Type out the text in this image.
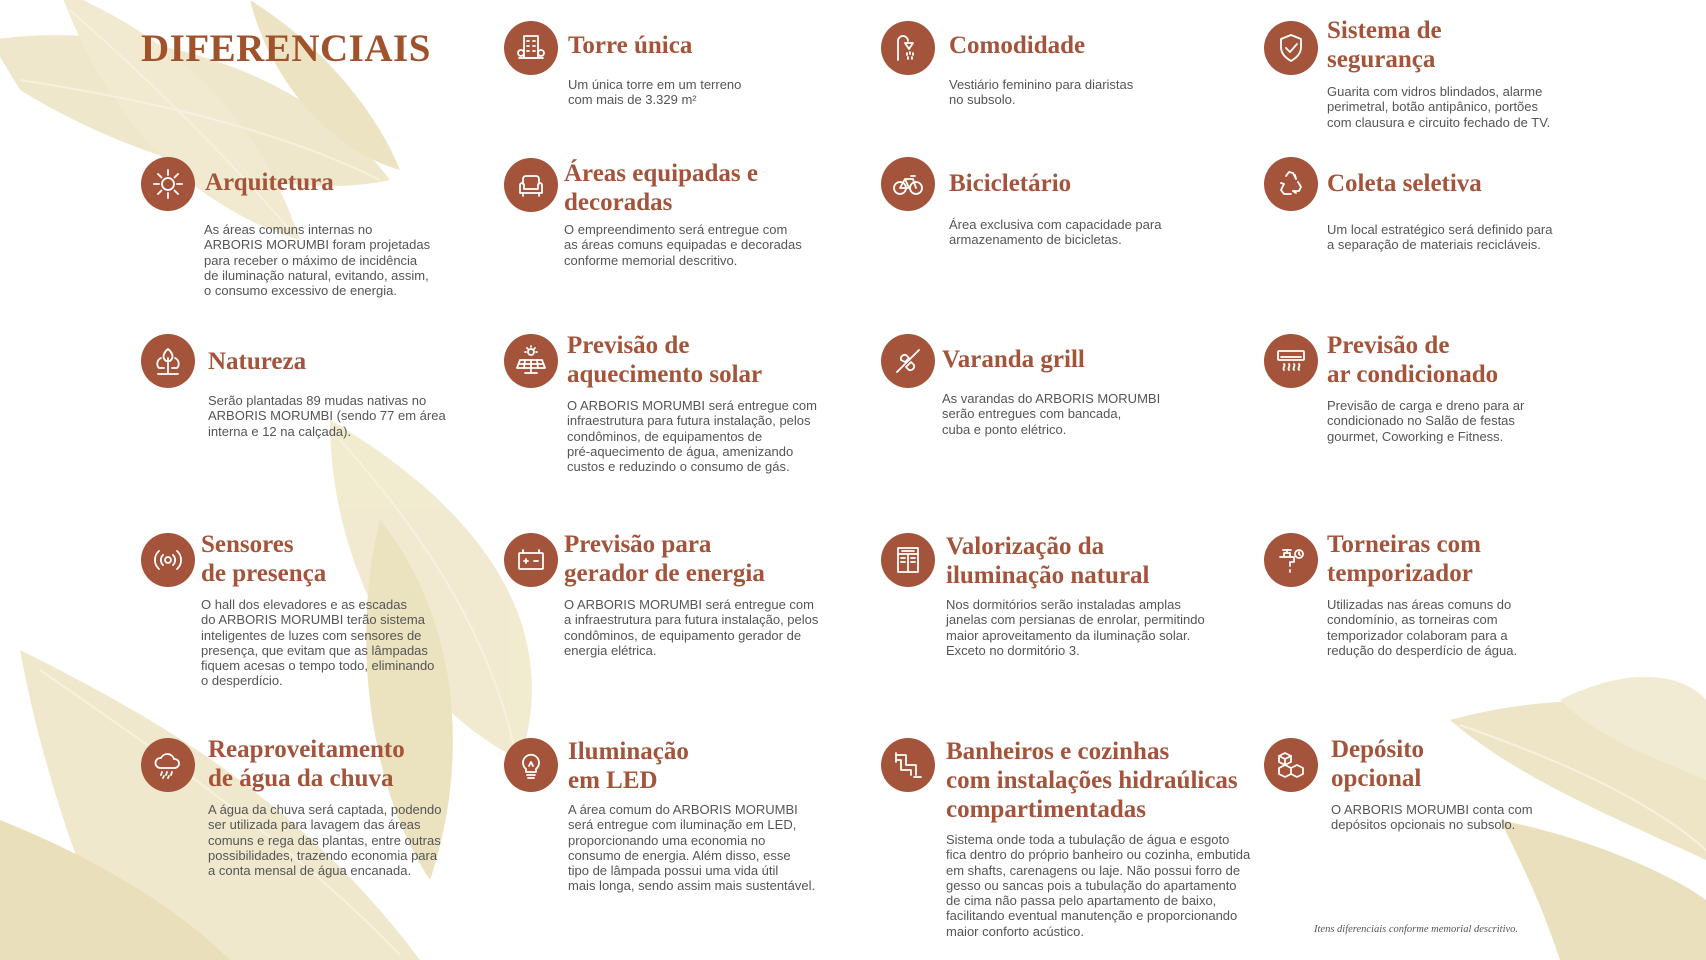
DIFERENCIAIS	Torre única

Um única torre em um terreno
com mais de 3.329 m²

Comodidade

Vestiário feminino para diaristas
no subsolo.

Sistema de
segurança

Guarita com vidros blindados, alarme
perimetral, botão antipânico, portões
com clausura e circuito fechado de TV.

Arquitetura

As áreas comuns internas no
ARBORIS MORUMBI foram projetadas
para receber o máximo de incidência
de iluminação natural, evitando, assim,
o consumo excessivo de energia.

Áreas equipadas e
decoradas

O empreendimento será entregue com
as áreas comuns equipadas e decoradas
conforme memorial descritivo.

Bicicletário

Área exclusiva com capacidade para
armazenamento de bicicletas.

Coleta seletiva

Um local estratégico será definido para
a separação de materiais recicláveis.

Natureza

Serão plantadas 89 mudas nativas no
ARBORIS MORUMBI (sendo 77 em área
interna e 12 na calçada).

Previsão de
aquecimento solar

O ARBORIS MORUMBI será entregue com
infraestrutura para futura instalação, pelos
condôminos, de equipamentos de
pré-aquecimento de água, amenizando
custos e reduzindo o consumo de gás.

Varanda grill

As varandas do ARBORIS MORUMBI
serão entregues com bancada,
cuba e ponto elétrico.

Previsão de
ar condicionado

Previsão de carga e dreno para ar
condicionado no Salão de festas
gourmet, Coworking e Fitness.

Sensores
de presença

O hall dos elevadores e as escadas
do ARBORIS MORUMBI terão sistema
inteligentes de luzes com sensores de
presença, que evitam que as lâmpadas
fiquem acesas o tempo todo, eliminando
o desperdício.

Previsão para
gerador de energia

O ARBORIS MORUMBI será entregue com
a infraestrutura para futura instalação, pelos
condôminos, de equipamento gerador de
energia elétrica.

Valorização da
iluminação natural

Nos dormitórios serão instaladas amplas
janelas com persianas de enrolar, permitindo
maior aproveitamento da iluminação solar.
Exceto no dormitório 3.

Torneiras com
temporizador

Utilizadas nas áreas comuns do
condomínio, as torneiras com
temporizador colaboram para a
redução do desperdício de água.

Reaproveitamento
de água da chuva

A água da chuva será captada, podendo
ser utilizada para lavagem das áreas
comuns e rega das plantas, entre outras
possibilidades, trazendo economia para
a conta mensal de água encanada.

Iluminação
em LED

A área comum do ARBORIS MORUMBI
será entregue com iluminação em LED,
proporcionando uma economia no
consumo de energia. Além disso, esse
tipo de lâmpada possui uma vida útil
mais longa, sendo assim mais sustentável.

Banheiros e cozinhas
com instalações hidraúlicas
compartimentadas

Sistema onde toda a tubulação de água e esgoto
fica dentro do próprio banheiro ou cozinha, embutida
em shafts, carenagens ou laje. Não possui forro de
gesso ou sancas pois a tubulação do apartamento
de cima não passa pelo apartamento de baixo,
facilitando eventual manutenção e proporcionando
maior conforto acústico.

Depósito
opcional

O ARBORIS MORUMBI conta com
depósitos opcionais no subsolo.

Itens diferenciais conforme memorial descritivo.
